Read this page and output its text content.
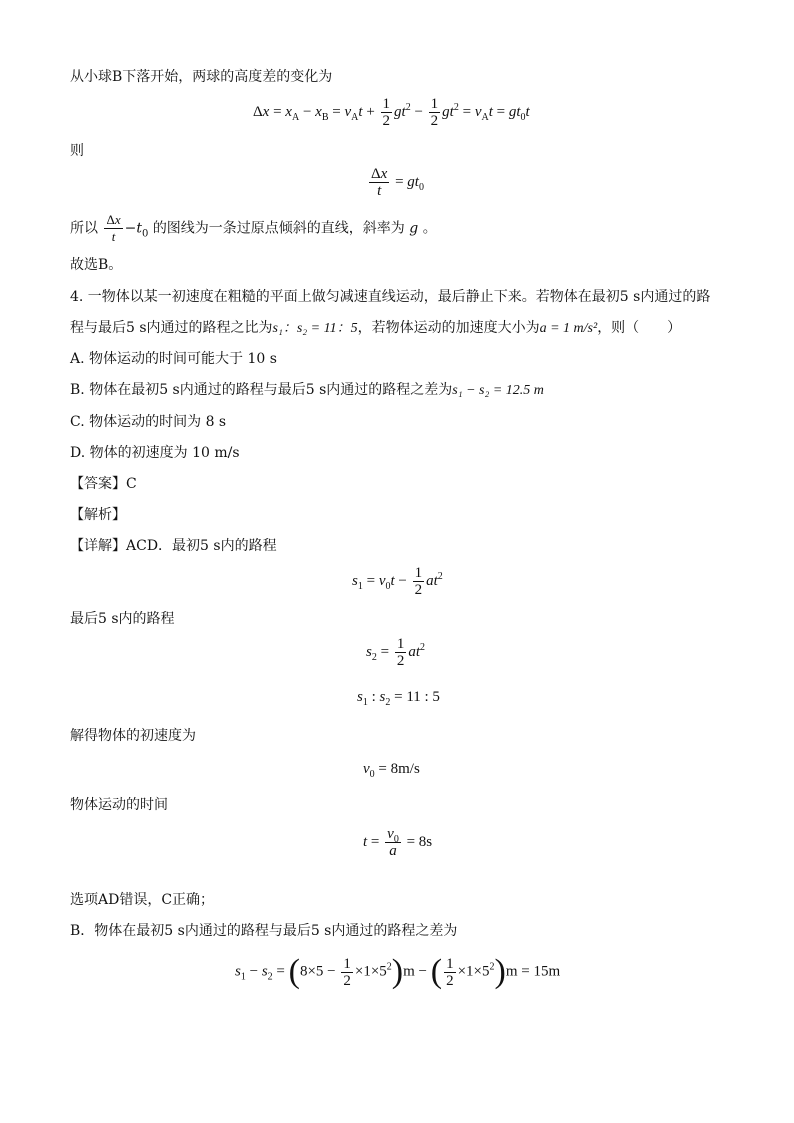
从小球B下落开始，两球的高度差的变化为
$\Delta x = x_A - x_B = v_At + \frac{1}{2} gt^2 - \frac{1}{2} gt^2 = v_At = gt_0t$
则
$\frac{\Delta x}{t} = gt_0$
所以 $\frac{\Delta x}{t} -t_0$ 的图线为一条过原点倾斜的直线，斜率为 g 。
故选B。
4. 一物体以某一初速度在粗糙的平面上做匀减速直线运动，最后静止下来。若物体在最初5 s内通过的路
程与最后5 s内通过的路程之比为s₁：s₂ = 11：5，若物体运动的加速度大小为a = 1 m/s²，则（　　）
A. 物体运动的时间可能大于 10 s
B. 物体在最初5 s内通过的路程与最后5 s内通过的路程之差为s₁ − s₂ = 12.5 m
C. 物体运动的时间为 8 s
D. 物体的初速度为 10 m/s
【答案】C
【解析】
【详解】ACD．最初5 s内的路程
$s_1 = v_0t - \frac{1}{2} at^2$
最后5 s内的路程
$s_2 = \frac{1}{2} at^2$
$s_1$ : $s_2 = 11$ : 5
解得物体的初速度为
$v_0 = 8m/s$
物体运动的时间
$t = \frac{v_0}{a} = 8s$
选项AD错误，C正确；
B．物体在最初5 s内通过的路程与最后5 s内通过的路程之差为
$s_1 - s_2 = (8\times 5 - \frac{1}{2} \times 1\times 5^2)m$ − ( $\frac{1}{2} \times 1\times 5^2)m = 15m$
